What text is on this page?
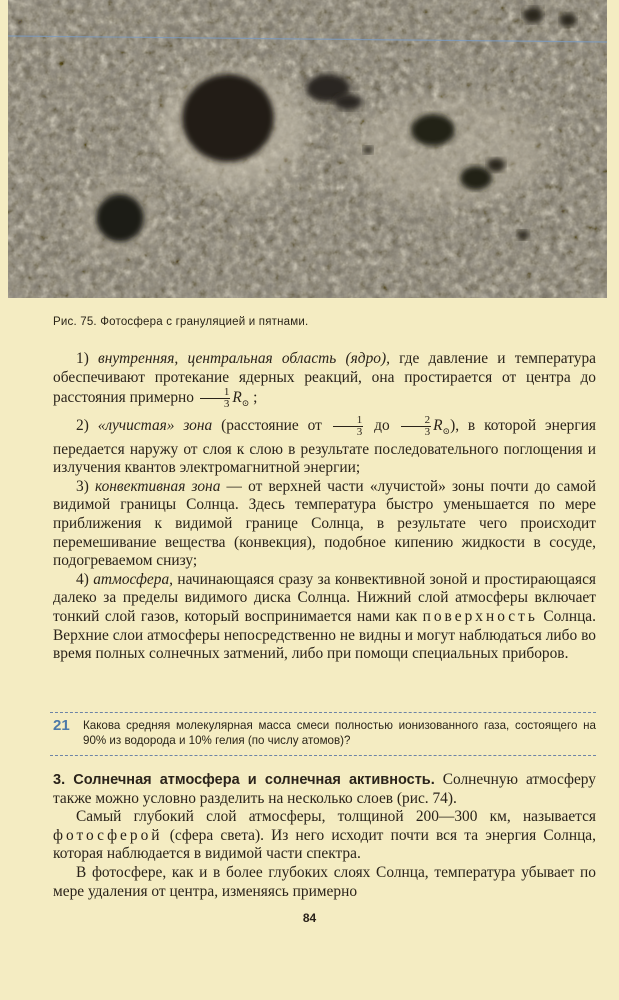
Рис. 75. Фотосфера с грануляцией и пятнами.

1) внутренняя, центральная область (ядро), где давление и температура обеспечивают протекание ядерных реакций, она простирается от центра до расстояния примерно $\frac{1}{3} R_⊙$ ;

2) «лучистая» зона (расстояние от $\frac{1}{3}$ до $\frac{2}{3} R_⊙$), в которой энергия передается наружу от слоя к слою в результате последовательного поглощения и излучения квантов электромагнитной энергии;

3) конвективная зона — от верхней части «лучистой» зоны почти до самой видимой границы Солнца. Здесь температура быстро уменьшается по мере приближения к видимой границе Солнца, в результате чего происходит перемешивание вещества (конвекция), подобное кипению жидкости в сосуде, подогреваемом снизу;

4) атмосфера, начинающаяся сразу за конвективной зоной и простирающаяся далеко за пределы видимого диска Солнца. Нижний слой атмосферы включает тонкий слой газов, который воспринимается нами как поверхность Солнца. Верхние слои атмосферы непосредственно не видны и могут наблюдаться либо во время полных солнечных затмений, либо при помощи специальных приборов.

21 Какова средняя молекулярная масса смеси полностью ионизованного газа, состоящего на 90% из водорода и 10% гелия (по числу атомов)?

3. Солнечная атмосфера и солнечная активность. Солнечную атмосферу также можно условно разделить на несколько слоев (рис. 74).

Самый глубокий слой атмосферы, толщиной 200—300 км, называется фотосферой (сфера света). Из него исходит почти вся та энергия Солнца, которая наблюдается в видимой части спектра.

В фотосфере, как и в более глубоких слоях Солнца, температура убывает по мере удаления от центра, изменяясь примерно

84
